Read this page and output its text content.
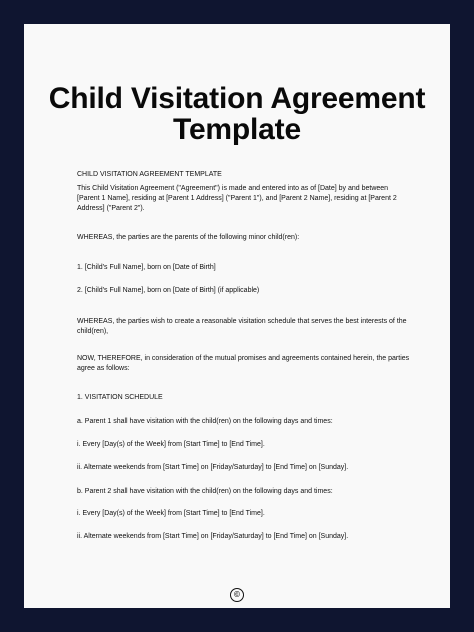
Child Visitation Agreement
Template
CHILD VISITATION AGREEMENT TEMPLATE
This Child Visitation Agreement ("Agreement") is made and entered into as of [Date] by and between
[Parent 1 Name], residing at [Parent 1 Address] ("Parent 1"), and [Parent 2 Name], residing at [Parent 2
Address] ("Parent 2").
WHEREAS, the parties are the parents of the following minor child(ren):
1. [Child's Full Name], born on [Date of Birth]
2. [Child's Full Name], born on [Date of Birth] (if applicable)
WHEREAS, the parties wish to create a reasonable visitation schedule that serves the best interests of the
child(ren),
NOW, THEREFORE, in consideration of the mutual promises and agreements contained herein, the parties
agree as follows:
1. VISITATION SCHEDULE
a. Parent 1 shall have visitation with the child(ren) on the following days and times:
i. Every [Day(s) of the Week] from [Start Time] to [End Time].
ii. Alternate weekends from [Start Time] on [Friday/Saturday] to [End Time] on [Sunday].
b. Parent 2 shall have visitation with the child(ren) on the following days and times:
i. Every [Day(s) of the Week] from [Start Time] to [End Time].
ii. Alternate weekends from [Start Time] on [Friday/Saturday] to [End Time] on [Sunday].
©
